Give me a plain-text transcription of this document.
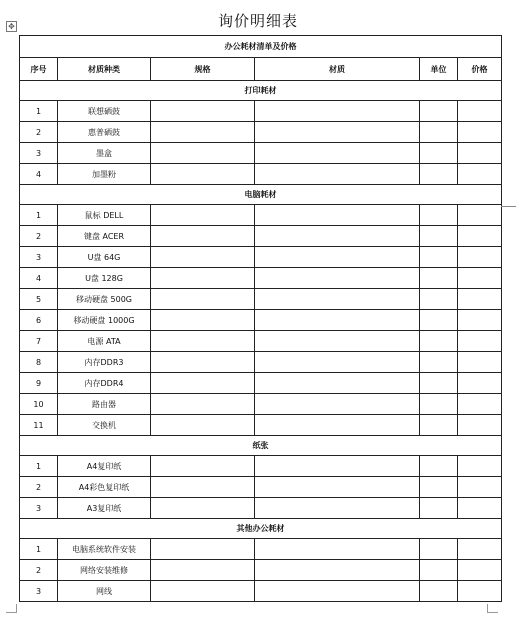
询价明细表
✥
办公耗材清单及价格					
序号	材质种类	规格	材质	单位	价格
打印耗材					
1	联想硒鼓				
2	惠普硒鼓				
3	墨盒				
4	加墨粉				
电脑耗材					
1	鼠标 DELL				
2	键盘 ACER				
3	U盘 64G				
4	U盘 128G				
5	移动硬盘 500G				
6	移动硬盘 1000G				
7	电源 ATA				
8	内存DDR3				
9	内存DDR4				
10	路由器				
11	交换机				
纸张					
1	A4复印纸				
2	A4彩色复印纸				
3	A3复印纸				
其他办公耗材					
1	电脑系统软件安装				
2	网络安装维修				
3	网线				
